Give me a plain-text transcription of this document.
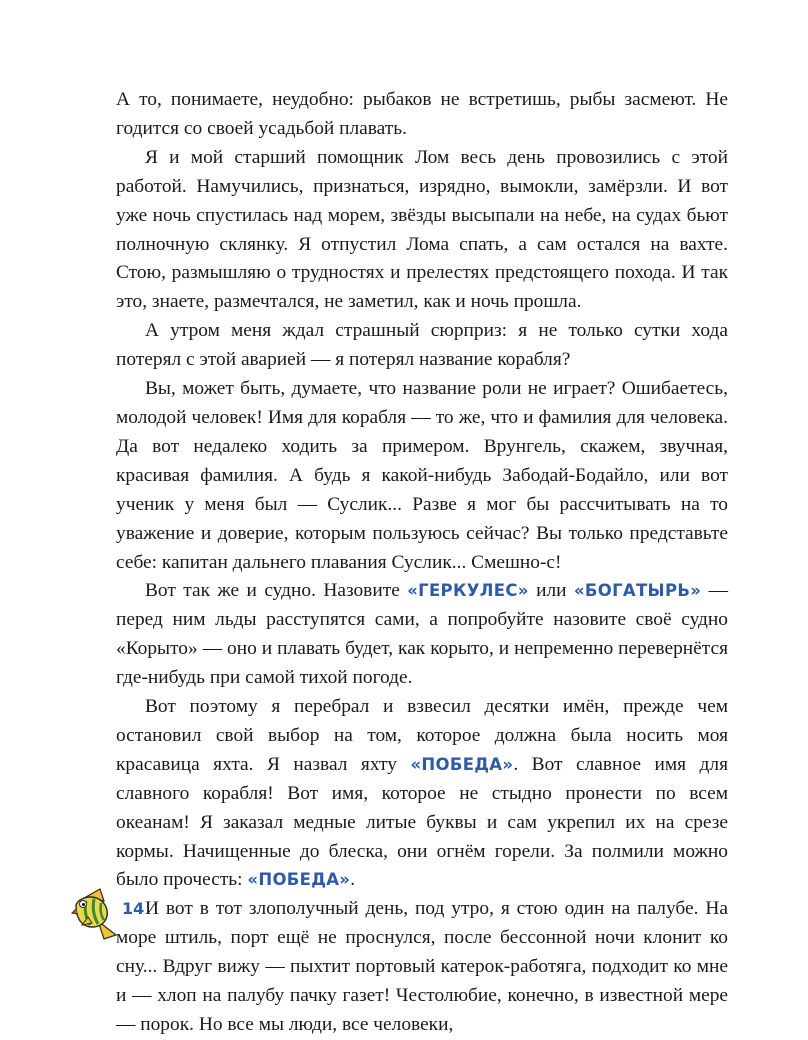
А то, понимаете, неудобно: рыбаков не встретишь, рыбы засмеют. Не годится со своей усадьбой плавать.

Я и мой старший помощник Лом весь день провозились с этой работой. Намучились, признаться, изрядно, вымокли, замёрзли. И вот уже ночь спустилась над морем, звёзды высыпали на небе, на судах бьют полночную склянку. Я отпустил Лома спать, а сам остался на вахте. Стою, размышляю о трудностях и прелестях предстоящего похода. И так это, знаете, размечтался, не заметил, как и ночь прошла.

А утром меня ждал страшный сюрприз: я не только сутки хода потерял с этой аварией — я потерял название корабля?

Вы, может быть, думаете, что название роли не играет? Ошибаетесь, молодой человек! Имя для корабля — то же, что и фамилия для человека. Да вот недалеко ходить за примером. Врунгель, скажем, звучная, красивая фамилия. А будь я какой-нибудь Забодай-Бодайло, или вот ученик у меня был — Суслик... Разве я мог бы рассчитывать на то уважение и доверие, которым пользуюсь сейчас? Вы только представьте себе: капитан дальнего плавания Суслик... Смешно-с!

Вот так же и судно. Назовите «ГЕРКУЛЕС» или «БОГАТЫРЬ» — перед ним льды расступятся сами, а попробуйте назовите своё судно «Корыто» — оно и плавать будет, как корыто, и непременно перевернётся где-нибудь при самой тихой погоде.

Вот поэтому я перебрал и взвесил десятки имён, прежде чем остановил свой выбор на том, которое должна была носить моя красавица яхта. Я назвал яхту «ПОБЕДА». Вот славное имя для славного корабля! Вот имя, которое не стыдно пронести по всем океанам! Я заказал медные литые буквы и сам укрепил их на срезе кормы. Начищенные до блеска, они огнём горели. За полмили можно было прочесть: «ПОБЕДА».

И вот в тот злополучный день, под утро, я стою один на палубе. На море штиль, порт ещё не проснулся, после бессонной ночи клонит ко сну... Вдруг вижу — пыхтит портовый катерок-работяга, подходит ко мне и — хлоп на палубу пачку газет! Честолюбие, конечно, в известной мере — порок. Но все мы люди, все человеки,

14
